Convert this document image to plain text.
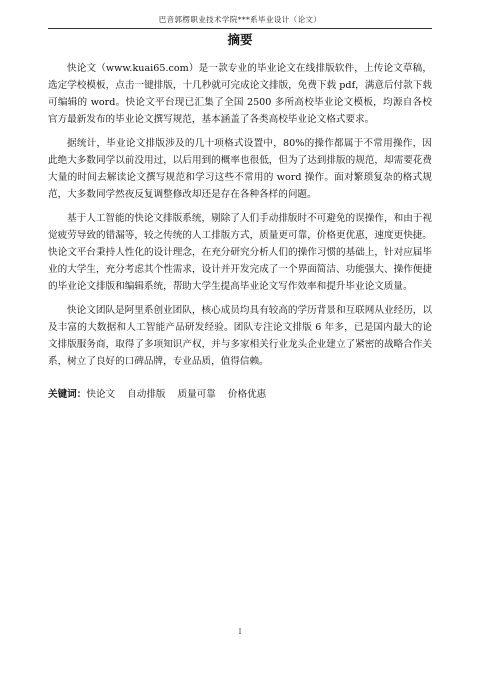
巴音郭楞职业技术学院***系毕业设计（论文）
摘要

快论文（www.kuai65.com）是一款专业的毕业论文在线排版软件，上传论文草稿，选定学校模板，点击一键排版，十几秒就可完成论文排版，免费下载 pdf，满意后付款下载可编辑的 word。快论文平台现已汇集了全国 2500 多所高校毕业论文模板，均源自各校官方最新发布的毕业论文撰写规范，基本涵盖了各类高校毕业论文格式要求。

据统计，毕业论文排版涉及的几十项格式设置中，80%的操作都属于不常用操作，因此绝大多数同学以前没用过，以后用到的概率也很低，但为了达到排版的规范，却需要花费大量的时间去解读论文撰写规范和学习这些不常用的 word 操作。面对繁琐复杂的格式规范，大多数同学然夜反复调整修改却还是存在各种各样的问题。

基于人工智能的快论文排版系统，剔除了人们手动排版时不可避免的误操作，和由于视觉疲劳导致的错漏等，较之传统的人工排版方式，质量更可靠，价格更优惠，速度更快捷。快论文平台秉持人性化的设计理念，在充分研究分析人们的操作习惯的基础上，针对应届毕业的大学生，充分考虑其个性需求，设计并开发完成了一个界面简洁、功能强大、操作便捷的毕业论文排版和编辑系统，帮助大学生提高毕业论文写作效率和提升毕业论文质量。

快论文团队是阿里系创业团队，核心成员均具有较高的学历背景和互联网从业经历，以及丰富的大数据和人工智能产品研发经验。团队专注论文排版 6 年多，已是国内最大的论文排版服务商，取得了多项知识产权，并与多家相关行业龙头企业建立了紧密的战略合作关系，树立了良好的口碑品牌，专业品质，值得信赖。

关键词：快论文 自动排版 质量可靠 价格优惠
I
